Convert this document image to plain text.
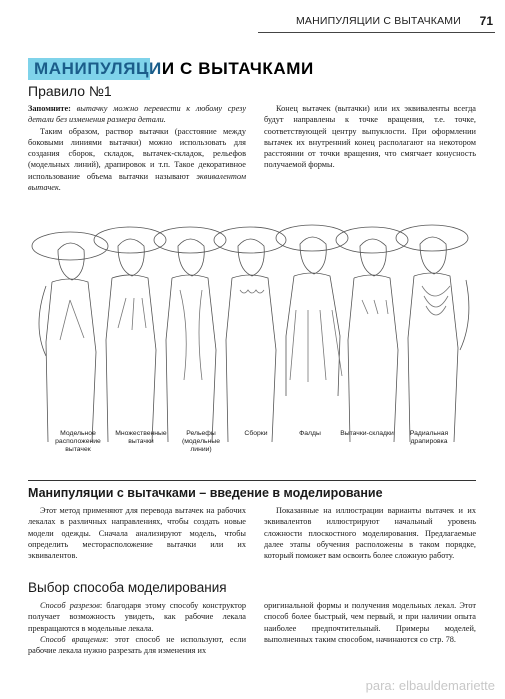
МАНИПУЛЯЦИИ С ВЫТАЧКАМИ 71
МАНИПУЛЯЦИИ С ВЫТАЧКАМИ
Правило №1

Запомните: вытачку можно перевести к любому срезу детали без изменения размера детали.

Таким образом, раствор вытачки (расстояние между боковыми линиями вытачки) можно использовать для создания сборок, складок, вытачек-складок, рельефов (модельных линий), драпировок и т.п. Такое декоративное использование объема вытачки называют эквивалентом вытачек.

Конец вытачек (вытачки) или их эквиваленты всегда будут направлены к точке вращения, т.е. точке, соответствующей центру выпуклости. При оформлении вытачек их внутренний конец располагают на некотором расстоянии от точки вращения, что смягчает конусность получаемой формы.

Модельное расположение вытачек
Множественные вытачки
Рельефы (модельные линии)
Сборки	Фалды	Вытачки-складки	Радиальная драпировка
Манипуляции с вытачками – введение в моделирование

Этот метод применяют для перевода вытачек на рабочих лекалах в различных направлениях, чтобы создать новые модели одежды. Сначала анализируют модель, чтобы определить месторасположение вытачки или их эквивалентов.

Показанные на иллюстрации варианты вытачек и их эквивалентов иллюстрируют начальный уровень сложности плоскостного моделирования. Предлагаемые далее этапы обучения расположены в таком порядке, который поможет вам освоить более сложную работу.

Выбор способа моделирования

Способ разрезов: благодаря этому способу конструктор получает возможность увидеть, как рабочие лекала превращаются в модельные лекала.

Способ вращения: этот способ не используют, если рабочие лекала нужно разрезать для изменения их

оригинальной формы и получения модельных лекал. Этот способ более быстрый, чем первый, и при наличии опыта наиболее предпочтительный. Примеры моделей, выполненных таким способом, начинаются со стр. 78.

para: elbauldemariette
